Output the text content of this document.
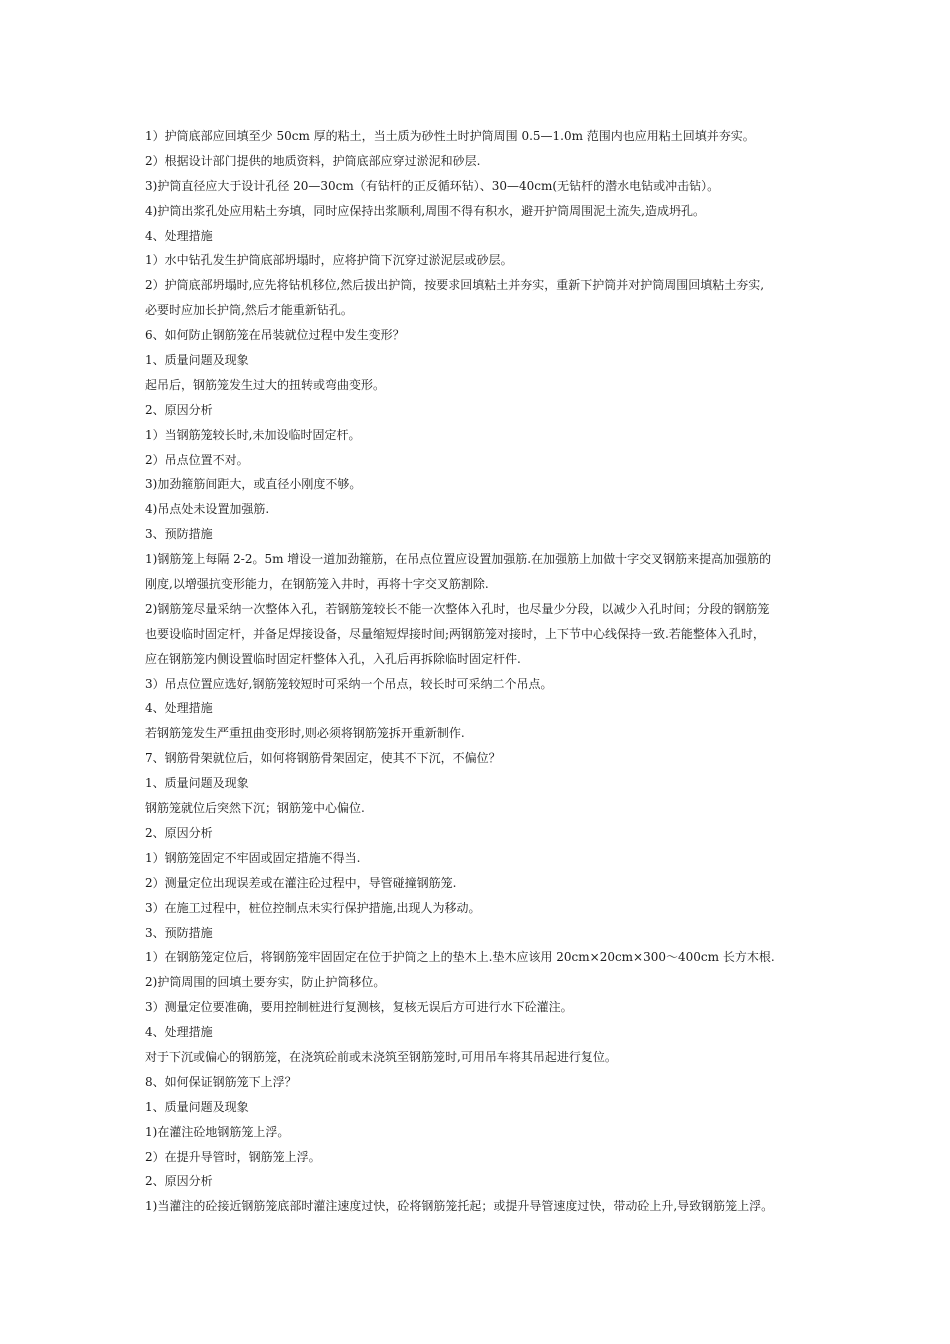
1）护筒底部应回填至少 50cm 厚的粘土，当土质为砂性土时护筒周围 0.5—1.0m 范围内也应用粘土回填并夯实。
2）根据设计部门提供的地质资料，护筒底部应穿过淤泥和砂层.
3)护筒直径应大于设计孔径 20—30cm（有钻杆的正反循环钻）、30—40cm(无钻杆的潜水电钻或冲击钻）。
4)护筒出浆孔处应用粘土夯填，同时应保持出浆顺利,周围不得有积水，避开护筒周围泥土流失,造成坍孔。
4、处理措施
1）水中钻孔发生护筒底部坍塌时，应将护筒下沉穿过淤泥层或砂层。
2）护筒底部坍塌时,应先将钻机移位,然后拔出护筒，按要求回填粘土并夯实，重新下护筒并对护筒周围回填粘土夯实,
必要时应加长护筒,然后才能重新钻孔。
6、如何防止钢筋笼在吊装就位过程中发生变形？
1、质量问题及现象
起吊后，钢筋笼发生过大的扭转或弯曲变形。
2、原因分析
1）当钢筋笼较长时,未加设临时固定杆。
2）吊点位置不对。
3)加劲箍筋间距大，或直径小刚度不够。
4)吊点处未设置加强筋.
3、预防措施
1)钢筋笼上每隔 2-2。5m 增设一道加劲箍筋，在吊点位置应设置加强筋.在加强筋上加做十字交叉钢筋来提高加强筋的
刚度,以增强抗变形能力，在钢筋笼入井时，再将十字交叉筋割除.
2)钢筋笼尽量采纳一次整体入孔，若钢筋笼较长不能一次整体入孔时，也尽量少分段，以减少入孔时间；分段的钢筋笼
也要设临时固定杆，并备足焊接设备，尽量缩短焊接时间;两钢筋笼对接时，上下节中心线保持一致.若能整体入孔时，
应在钢筋笼内侧设置临时固定杆整体入孔，入孔后再拆除临时固定杆件.
3）吊点位置应选好,钢筋笼较短时可采纳一个吊点，较长时可采纳二个吊点。
4、处理措施
若钢筋笼发生严重扭曲变形时,则必须将钢筋笼拆开重新制作.
7、钢筋骨架就位后，如何将钢筋骨架固定，使其不下沉，不偏位？
1、质量问题及现象
钢筋笼就位后突然下沉；钢筋笼中心偏位.
2、原因分析
1）钢筋笼固定不牢固或固定措施不得当.
2）测量定位出现误差或在灌注砼过程中，导管碰撞钢筋笼.
3）在施工过程中，桩位控制点未实行保护措施,出现人为移动。
3、预防措施
1）在钢筋笼定位后，将钢筋笼牢固固定在位于护筒之上的垫木上.垫木应该用 20cm×20cm×300～400cm 长方木根.
2)护筒周围的回填土要夯实，防止护筒移位。
3）测量定位要准确，要用控制桩进行复测核，复核无误后方可进行水下砼灌注。
4、处理措施
对于下沉或偏心的钢筋笼，在浇筑砼前或未浇筑至钢筋笼时,可用吊车将其吊起进行复位。
8、如何保证钢筋笼下上浮？
1、质量问题及现象
1)在灌注砼地钢筋笼上浮。
2）在提升导管时，钢筋笼上浮。
2、原因分析
1)当灌注的砼接近钢筋笼底部时灌注速度过快，砼将钢筋笼托起；或提升导管速度过快，带动砼上升,导致钢筋笼上浮。
